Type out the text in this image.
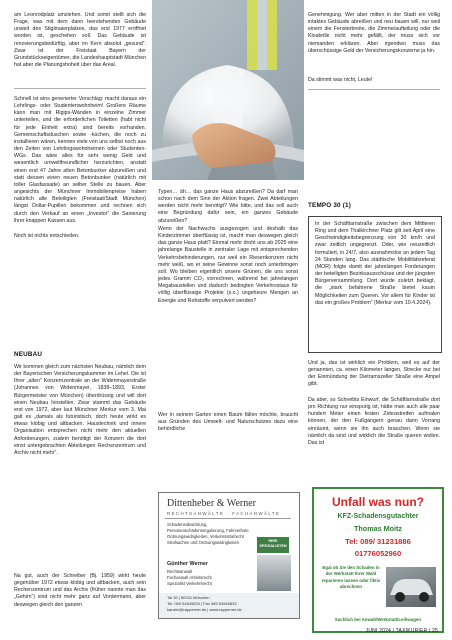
am Leonrodplatz umziehen. Und somit stellt sich die Frage, was mit dem dann leerstehenden Gebäude unweit des Stiglmaierplatzes, das erst 1977 eröffnet worden ist, geschehen soll. Das Gebäude ist renovierungsbedürftig, aber im Kern absolut „gesund“. Zwar ist der Freistaat Bayern der Grundstückseigentümer, die Landeshauptstadt München hat aber die Planungshoheit über das Areal.

Schnell ist eins generierter Vorschlag: macht daraus ein Lehrlings- oder Studentenwohnheim! Großere Räume kann man mit Rigips-Wänden in einzelne Zimmer unterteilen, und die erforderlichen Toiletten (habt nicht für jede Einheit extra) sind bereits vorhanden. Gemeinschaftsduschen sowie -küchen, die noch zu installieren wären, kennen viele von uns selbst noch aus den Zeiten von Lehrlingswohnheimen oder Studenten-WGs. Das wäre alles für sehr wenig Geld und wesentlich umweltfreundlicher herzurichten, anstatt einen erst 47 Jahre alten Betonbunker abzureißen und statt dessen einen neuen Betonbunker (natürlich mit toller Glasfassade) an selber Stelle zu bauen. Aber angesichts der Münchner Immobilienpreise haben natürlich alle Beteiligten (Freistaat/Stadt München) längst Dollar-Pupillen bekommen und rechnen sich durch den Verkauf an einen „Investor“ die Sanierung ihrer knappen Kassen aus.

Noch ist nichts entschieden.

NEUBAU
Wir kommen gleich zum nächsten Neubau, nämlich dem der Bayerischen Versicherungskammer im Lehel. Die ist Ihrer „alten“ Konzernzentrale an der Widenmayerstraße (Johannes von Widenmayer, 1838–1893, Erster Bürgermeister von München) überdrüssig und will dort einen Neubau hinstellen. Zwar stammt das Gebäude erst von 1972, aber laut Münchner Merkur vom 3. Mai galt es „damals als futuristisch, doch heute wirkt es etwas klobig und altbacken. Haustechnik und innere Organisation entsprechen nicht mehr den aktuellen Anforderungen, zudem benötigt der Konzern die dort einst untergebrachten Abteilungen Rechenzentrum und Archiv nicht mehr“.
Na gut, auch der Schreiber (Bj. 1959) wirkt heute gegenüber 1972 etwas klobig und altbacken, auch sein Rechenzentrum und das Archiv (früher nannte man das „Gehirn“) sind nicht mehr ganz auf Vordermann, aber deswegen gleich den ganzen
Typen… äh… das ganze Haus abzureißen? Da darf man schon nach dem Sinn der Aktion fragen. Zwei Abteilungen werden nicht mehr benötigt? Wie bitte, und das soll auch eine Begründung dafür sein, ein ganzes Gebäude abzureißen?
Wenn der Nachwuchs ausgezogen und deshalb das Kinderzimmer überflüssig ist, macht man deswegen gleich das ganze Haus platt? Einmal mehr droht uns ab 2025 eine jahrelange Baustelle in zentraler Lage mit entsprechenden Verkehrsbehinderungen, nur weil ein Riesenkonzern nicht mehr weiß, wo er seine Gewinne sonst noch unterbringen soll. Wo bleiben eigentlich unsere Grünen, die uns sonst jedes Gramm CO₂ vorrechnen, während bei jahrelangen Megabaustellen und dadurch bedingten Verkehrsstaus für völlig überflüssige Projekte (s.o.) ungeheure Mengen an Energie und Rohstoffe verpulvert werden?
Wer in seinem Garten einen Baum fällen möchte, braucht aus Gründen des Umwelt- und Naturschutzes dazu eine behördliche
Dittenheber & Werner
RECHTSANWÄLTE · FACHANWÄLTE
Schadensabwicklung, Personenschädensregulierung, Fahrverbote
Ordnungswidrigkeiten, Verkehrsstrafrecht
Strafsachen und Ordnungswidrigkeiten	IHRE SPEZIALISTEN
Günther Werner
Rechtsanwalt
Fachanwalt Arbeitsrecht
Spezialist Verkehrsrecht
Tal 30 | 80331 München
Tel. 089 54549830 | Fax 089 54549833
kanzlei@rapperner.de | www.rapperner.de
Genehmigung. Wer aber mitten in der Stadt ein völlig intaktes Gebäude abreißen und neu bauen will, nur weil einem die Fensterbreite, die Zimmeraufteilung oder die Kloabrille nicht mehr gefällt, der muss sich vor niemanden erklären. Aber irgendwo muss das überschüssige Geld der Versicherungskonzerne ja hin.
Da stimmt was nicht, Leute!
TEMPO 30 (1)
In der Schäftlarnstraße zwischen dem Mittleren Ring und dem Thalkirchner Platz gilt seit April eine Geschwindigkeitsbegrenzung von 30 km/h und zwar zeitlich ungegrenzt. Oder, wie neuzeitlich formuliert, in 24/7, also ausnahmslos an jedem Tag 24 Stunden lang. Das städtische Mobilitätsreferat (MOR) folgte damit der jahrelangen Forderungen der beteiligten Bezirksausschüsse und der jüngsten Bürgerversammlung. Dort wurde zuletzt beklagt, die „stark befahrene Straße bietet kaum Möglichkeiten zum Queren. Vor allem für Kinder ist das ein großes Problem“ (Merkur vom 10.4.2024).
Und ja, das ist wirklich ein Problem, weil es auf der genannten, ca. einen Kilometer langen, Strecke nur bei der Einmündung der Dietramszeller Straße eine Ampel gibt.
Da aber, so Schreibts Einwurf, die Schäftlarnstraße dort pro Richtung nur einspurig ist, hätte man auch alle paar hundert Meter einen festen Zebrastreifen aufmalen können, der den Fußgängern genau dann Vorrang einräumt, wenn sie ihn auch brauchen. Wenn sie nämlich da sind und wirklich die Straße queren wollen. Das ist
Unfall was nun?
KFZ-Schadensgutachter
Thomas Moitz
Tel: 089/ 31231886
01776052960
Egal ob Sie den Schaden in der Werkstatt Ihrer Wahl reparieren lassen oder fiktiv abrechnen
Sachlich bei Anwalt/Werkstatt/Leihwagen
JUNI 2024 / TAXIKURIER / 25
